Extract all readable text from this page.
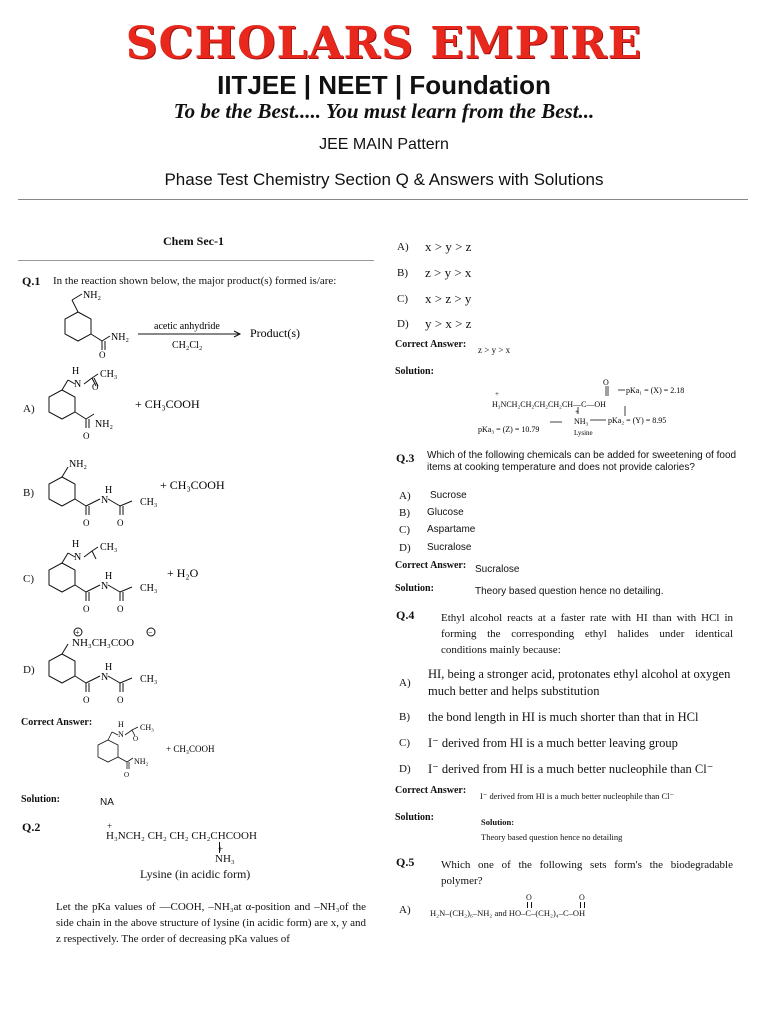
SCHOLARS EMPIRE
IITJEE | NEET | Foundation
To be the Best..... You must learn from the Best...
JEE MAIN Pattern
Phase Test Chemistry Section Q & Answers with Solutions
Chem Sec-1
Q.1 In the reaction shown below, the major product(s) formed is/are:
NH₂
NH₂
O
acetic anhydride
CH₂Cl₂
Product(s)
A)
H
N
CH₃
O
NH₂
O
+ CH₃COOH
B)
NH₂
H
N
O	O
CH₃
+ CH₃COOH
C)
H
N
CH₃
H
N
O	O
CH₃
+ H₂O
D)
+	−
NH₃CH₃COO
H
N
O	O
CH₃
Correct Answer:	H
N
CH₃
O
NH₂
O
+ CH₃COOH
Solution:	NA
Q.2	+
H₃NCH₂ CH₂ CH₂ CH₂CHCOOH
+
NH₃
Lysine (in acidic form)
Let the pKa values of —COOH, –NH₃at α-position and –NH₃of the side chain in the above structure of lysine (in acidic form) are x, y and z respectively. The order of decreasing pKa values of
A) x > y > z
B) z > y > x
C) x > z > y
D) y > x > z
Correct Answer: z > y > x
Solution:
O
pKa₁ = (X) = 2.18
+
H₃NCH₂CH₂CH₂CH₂CH—C—OH
+
NH₃ pKa₂ = (Y) = 8.95
pKa₃ = (Z) = 10.79	Lysine
Q.3 Which of the following chemicals can be added for sweetening of food items at cooking temperature and does not provide calories?
A) Sucrose
B) Glucose
C) Aspartame
D) Sucralose
Correct Answer: Sucralose
Solution:	Theory based question hence no detailing.
Q.4 Ethyl alcohol reacts at a faster rate with HI than with HCl in forming the corresponding ethyl halides under identical conditions mainly because:
A)
HI, being a stronger acid, protonates ethyl alcohol at oxygen much better and helps substitution
B) the bond length in HI is much shorter than that in HCl
C) I⁻ derived from HI is a much better leaving group
D) I⁻ derived from HI is a much better nucleophile than Cl⁻
Correct Answer: I⁻ derived from HI is a much better nucleophile than Cl⁻
Solution:	Solution:
Theory based question hence no detailing
Q.5 Which one of the following sets form's the biodegradable polymer?
A)
O	O
H₂N–(CH₂)₆–NH₂ and HO–C–(CH₂)₄–C–OH
